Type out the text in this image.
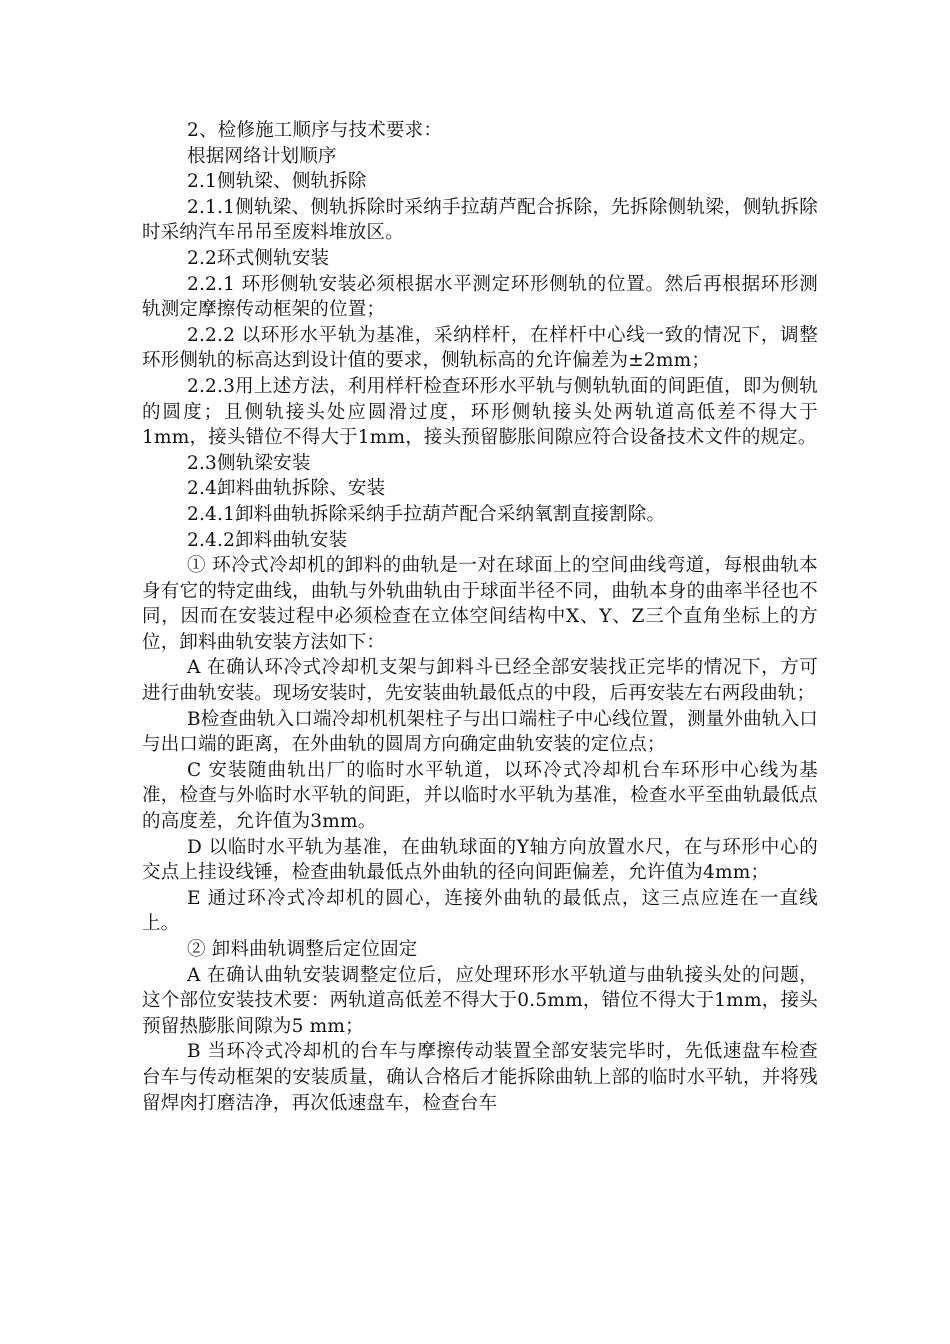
2、检修施工顺序与技术要求：

根据网络计划顺序

2.1侧轨梁、侧轨拆除

2.1.1侧轨梁、侧轨拆除时采纳手拉葫芦配合拆除，先拆除侧轨梁，侧轨拆除时采纳汽车吊吊至废料堆放区。

2.2环式侧轨安装

2.2.1 环形侧轨安装必须根据水平测定环形侧轨的位置。然后再根据环形测轨测定摩擦传动框架的位置；

2.2.2 以环形水平轨为基准，采纳样杆，在样杆中心线一致的情况下，调整环形侧轨的标高达到设计值的要求，侧轨标高的允许偏差为±2mm；

2.2.3用上述方法，利用样杆检查环形水平轨与侧轨轨面的间距值，即为侧轨的圆度；且侧轨接头处应圆滑过度，环形侧轨接头处两轨道高低差不得大于1mm，接头错位不得大于1mm，接头预留膨胀间隙应符合设备技术文件的规定。

2.3侧轨梁安装

2.4卸料曲轨拆除、安装

2.4.1卸料曲轨拆除采纳手拉葫芦配合采纳氧割直接割除。

2.4.2卸料曲轨安装

① 环冷式冷却机的卸料的曲轨是一对在球面上的空间曲线弯道，每根曲轨本身有它的特定曲线，曲轨与外轨曲轨由于球面半径不同，曲轨本身的曲率半径也不同，因而在安装过程中必须检查在立体空间结构中X、Y、Z三个直角坐标上的方位，卸料曲轨安装方法如下：

A 在确认环冷式冷却机支架与卸料斗已经全部安装找正完毕的情况下，方可进行曲轨安装。现场安装时，先安装曲轨最低点的中段，后再安装左右两段曲轨；

B检查曲轨入口端冷却机机架柱子与出口端柱子中心线位置，测量外曲轨入口与出口端的距离，在外曲轨的圆周方向确定曲轨安装的定位点；

C 安装随曲轨出厂的临时水平轨道，以环冷式冷却机台车环形中心线为基准，检查与外临时水平轨的间距，并以临时水平轨为基准，检查水平至曲轨最低点的高度差，允许值为3mm。

D 以临时水平轨为基准，在曲轨球面的Y轴方向放置水尺，在与环形中心的交点上挂设线锤，检查曲轨最低点外曲轨的径向间距偏差，允许值为4mm；

E 通过环冷式冷却机的圆心，连接外曲轨的最低点，这三点应连在一直线上。

② 卸料曲轨调整后定位固定

A 在确认曲轨安装调整定位后，应处理环形水平轨道与曲轨接头处的问题，这个部位安装技术要：两轨道高低差不得大于0.5mm，错位不得大于1mm，接头预留热膨胀间隙为5 mm；

B 当环冷式冷却机的台车与摩擦传动装置全部安装完毕时，先低速盘车检查台车与传动框架的安装质量，确认合格后才能拆除曲轨上部的临时水平轨，并将残留焊肉打磨洁净，再次低速盘车，检查台车
